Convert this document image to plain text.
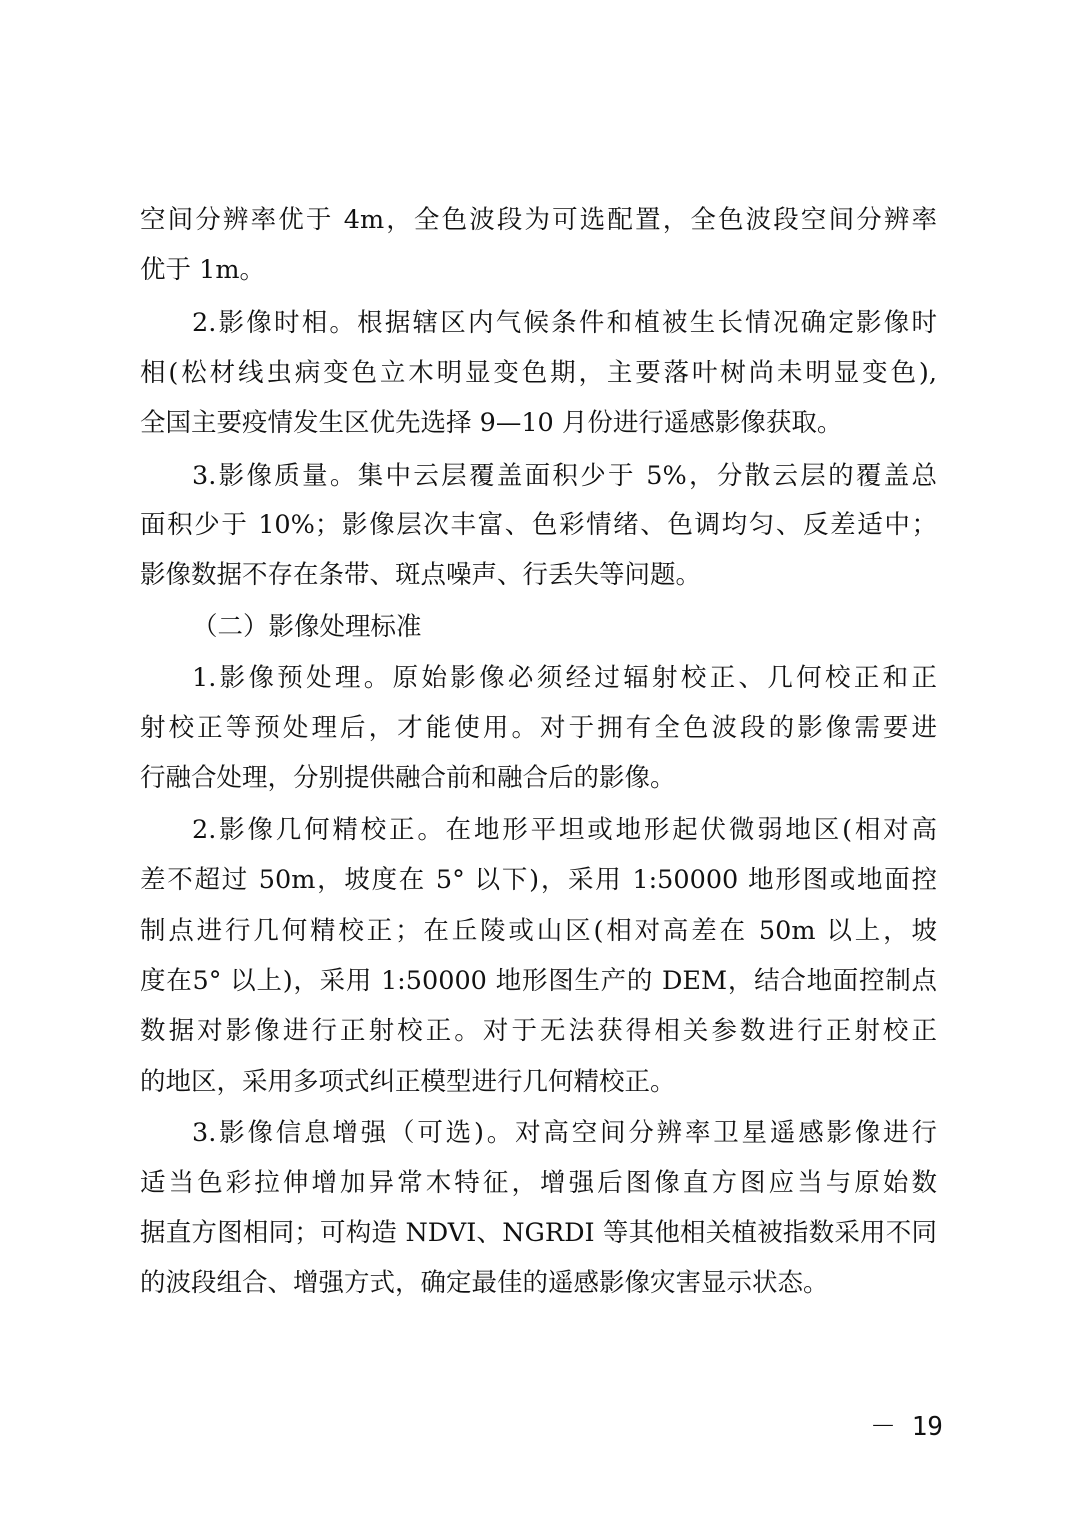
空间分辨率优于 4m，全色波段为可选配置，全色波段空间分辨率
优于 1m。
2.影像时相。根据辖区内气候条件和植被生长情况确定影像时
相(松材线虫病变色立木明显变色期，主要落叶树尚未明显变色),
全国主要疫情发生区优先选择 9—10 月份进行遥感影像获取。
3.影像质量。集中云层覆盖面积少于 5%，分散云层的覆盖总
面积少于 10%；影像层次丰富、色彩情绪、色调均匀、反差适中；
影像数据不存在条带、斑点噪声、行丢失等问题。
（二）影像处理标准
1.影像预处理。原始影像必须经过辐射校正、几何校正和正
射校正等预处理后，才能使用。对于拥有全色波段的影像需要进
行融合处理，分别提供融合前和融合后的影像。
2.影像几何精校正。在地形平坦或地形起伏微弱地区(相对高
差不超过 50m，坡度在 5° 以下)，采用 1:50000 地形图或地面控
制点进行几何精校正；在丘陵或山区(相对高差在 50m 以上，坡
度在5° 以上)，采用 1:50000 地形图生产的 DEM，结合地面控制点
数据对影像进行正射校正。对于无法获得相关参数进行正射校正
的地区，采用多项式纠正模型进行几何精校正。
3.影像信息增强（可选)。对高空间分辨率卫星遥感影像进行
适当色彩拉伸增加异常木特征，增强后图像直方图应当与原始数
据直方图相同；可构造 NDVI、NGRDI 等其他相关植被指数采用不同
的波段组合、增强方式，确定最佳的遥感影像灾害显示状态。
－ 19
